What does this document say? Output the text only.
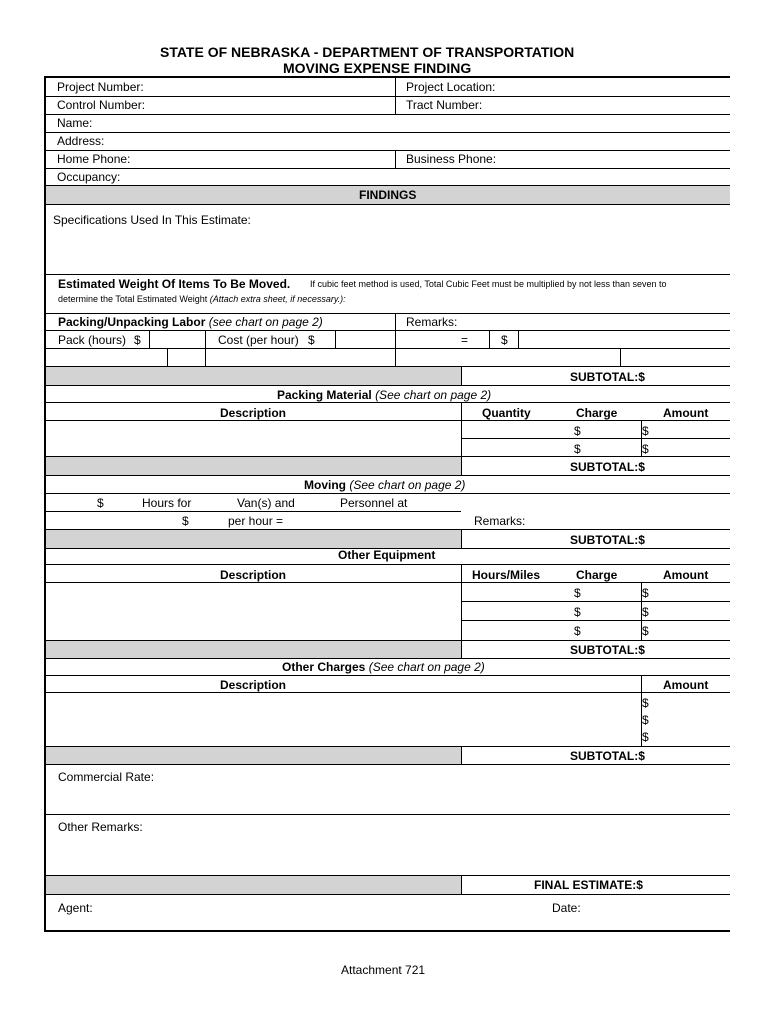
STATE OF NEBRASKA - DEPARTMENT OF TRANSPORTATION
MOVING EXPENSE FINDING
Project Number:	Project Location:
Control Number:	Tract Number:
Name:
Address:
Home Phone:	Business Phone:
Occupancy:
FINDINGS
Specifications Used In This Estimate:
Estimated Weight Of Items To Be Moved. If cubic feet method is used, Total Cubic Feet must be multiplied by not less than seven to
determine the Total Estimated Weight (Attach extra sheet, if necessary.):
Packing/Unpacking Labor (see chart on page 2)	Remarks:
Pack (hours) $	Cost (per hour) $	=	$
SUBTOTAL:$
Packing Material (See chart on page 2)
Description	Quantity	Charge	Amount
$	$
$	$
SUBTOTAL:$
Moving (See chart on page 2)
$	Hours for	Van(s) and	Personnel at
$	per hour =	Remarks:
SUBTOTAL:$
Other Equipment
Description	Hours/Miles	Charge	Amount
$	$
$	$
$	$
SUBTOTAL:$
Other Charges (See chart on page 2)
Description	Amount
$
$
$
SUBTOTAL:$
Commercial Rate:
Other Remarks:
FINAL ESTIMATE:$
Agent:	Date:
Attachment 721
